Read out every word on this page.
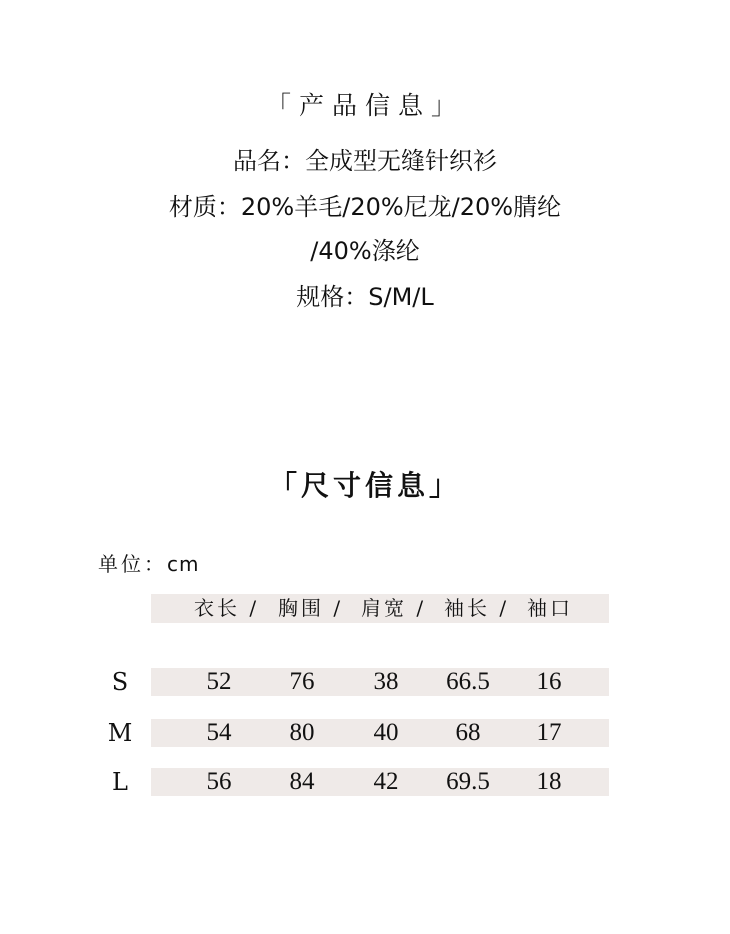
「产品信息」
品名：全成型无缝针织衫
材质：20%羊毛/20%尼龙/20%腈纶
/40%涤纶
规格：S/M/L
「尺寸信息」
单位：cm
衣长 / 胸围 / 肩宽 / 袖长 / 袖口
S	52	76	38	66.5	16
M	54	80	40	68	17
L	56	84	42	69.5	18
